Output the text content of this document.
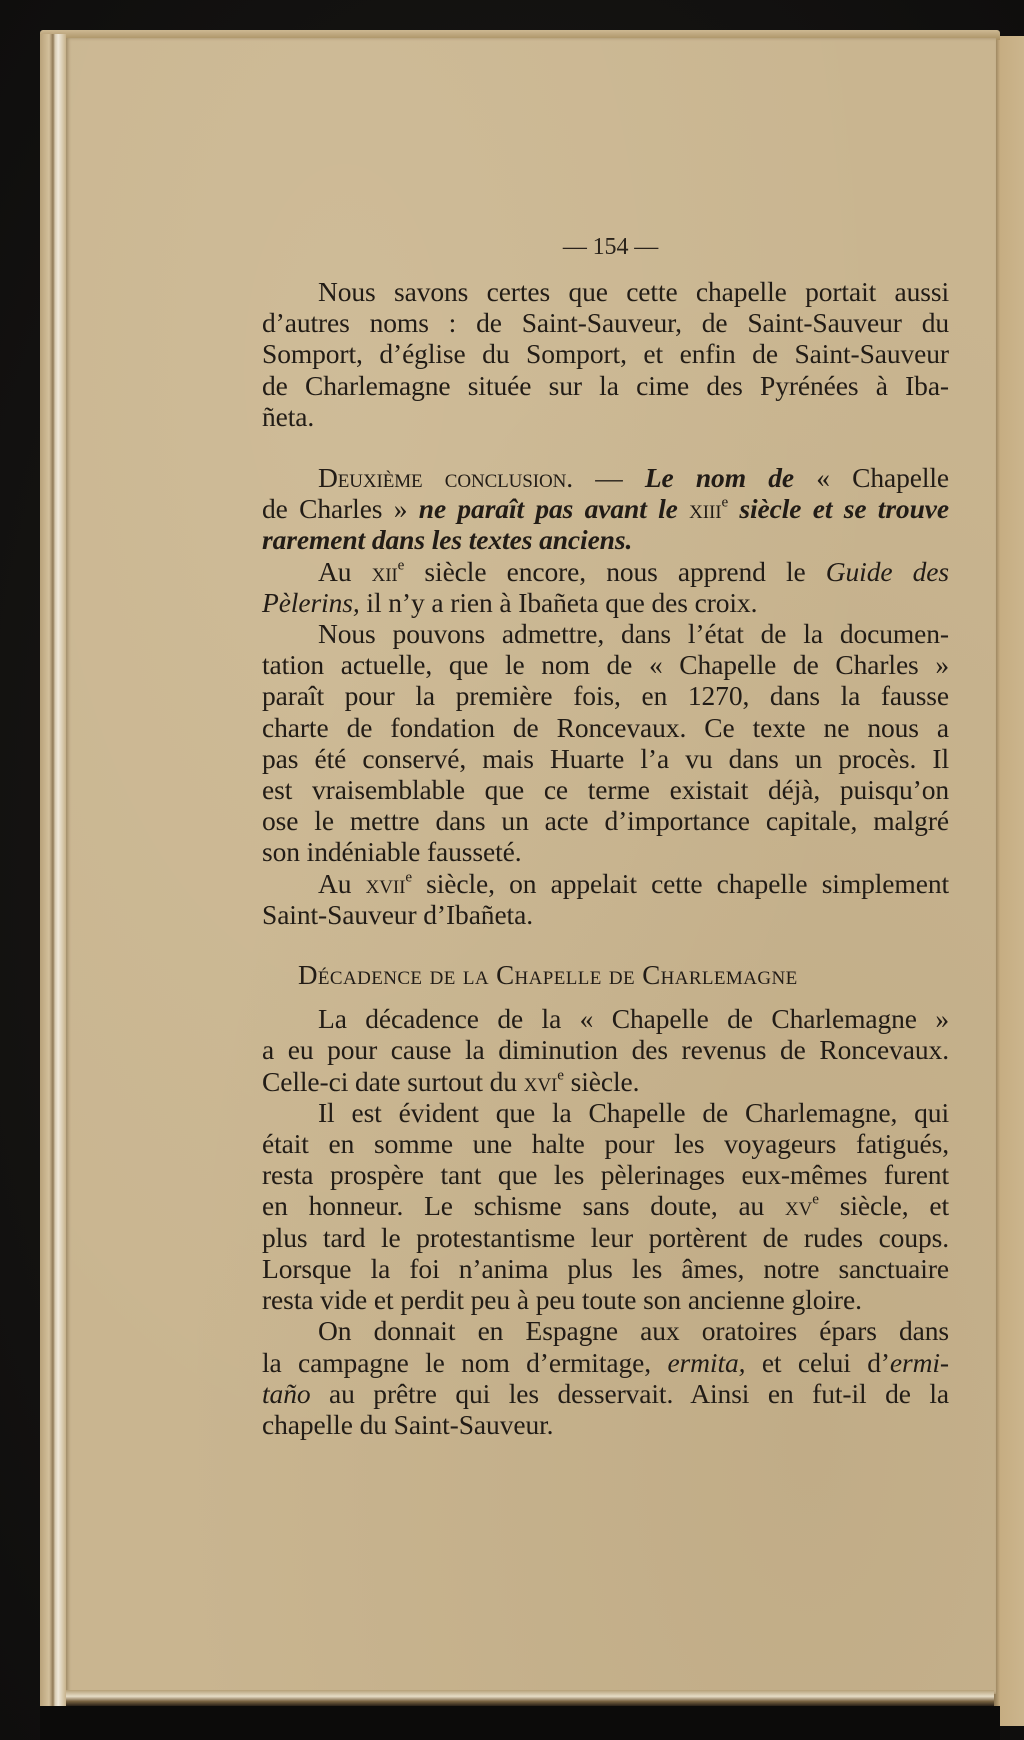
— 154 —

Nous savons certes que cette chapelle portait aussi
d’autres noms : de Saint-Sauveur, de Saint-Sauveur du
Somport, d’église du Somport, et enfin de Saint-Sauveur
de Charlemagne située sur la cime des Pyrénées à Iba-
ñeta.

Deuxième conclusion. — Le nom de « Chapelle
de Charles » ne paraît pas avant le xiii$^e$ siècle et se trouve
rarement dans les textes anciens.

Au xii$^e$ siècle encore, nous apprend le Guide des
Pèlerins, il n’y a rien à Ibañeta que des croix.

Nous pouvons admettre, dans l’état de la documen-
tation actuelle, que le nom de « Chapelle de Charles »
paraît pour la première fois, en 1270, dans la fausse
charte de fondation de Roncevaux. Ce texte ne nous a
pas été conservé, mais Huarte l’a vu dans un procès. Il
est vraisemblable que ce terme existait déjà, puisqu’on
ose le mettre dans un acte d’importance capitale, malgré
son indéniable fausseté.

Au xvii$^e$ siècle, on appelait cette chapelle simplement
Saint-Sauveur d’Ibañeta.

Décadence de la Chapelle de Charlemagne

La décadence de la « Chapelle de Charlemagne »
a eu pour cause la diminution des revenus de Roncevaux.
Celle-ci date surtout du xvi$^e$ siècle.

Il est évident que la Chapelle de Charlemagne, qui
était en somme une halte pour les voyageurs fatigués,
resta prospère tant que les pèlerinages eux-mêmes furent
en honneur. Le schisme sans doute, au $xv^e$ siècle, et
plus tard le protestantisme leur portèrent de rudes coups.
Lorsque la foi n’anima plus les âmes, notre sanctuaire
resta vide et perdit peu à peu toute son ancienne gloire.

On donnait en Espagne aux oratoires épars dans
la campagne le nom d’ermitage, ermita, et celui d’ermi-
taño au prêtre qui les desservait. Ainsi en fut-il de la
chapelle du Saint-Sauveur.
